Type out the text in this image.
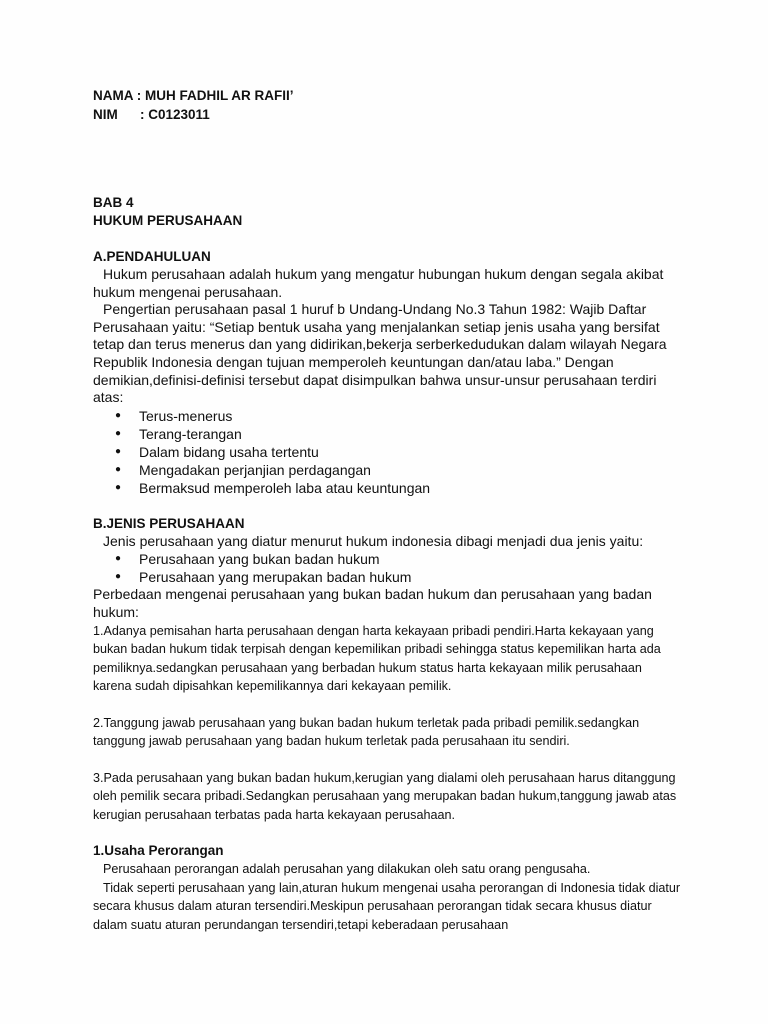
NAMA : MUH FADHIL AR RAFII’
NIM : C0123011
BAB 4
HUKUM PERUSAHAAN
A.PENDAHULUAN

Hukum perusahaan adalah hukum yang mengatur hubungan hukum dengan segala akibat hukum mengenai perusahaan.

Pengertian perusahaan pasal 1 huruf b Undang-Undang No.3 Tahun 1982: Wajib Daftar Perusahaan yaitu: “Setiap bentuk usaha yang menjalankan setiap jenis usaha yang bersifat tetap dan terus menerus dan yang didirikan,bekerja serberkedudukan dalam wilayah Negara Republik Indonesia dengan tujuan memperoleh keuntungan dan/atau laba.” Dengan demikian,definisi-definisi tersebut dapat disimpulkan bahwa unsur-unsur perusahaan terdiri atas:

● Terus-menerus
● Terang-terangan
● Dalam bidang usaha tertentu
● Mengadakan perjanjian perdagangan
● Bermaksud memperoleh laba atau keuntungan
B.JENIS PERUSAHAAN

Jenis perusahaan yang diatur menurut hukum indonesia dibagi menjadi dua jenis yaitu:

● Perusahaan yang bukan badan hukum
● Perusahaan yang merupakan badan hukum

Perbedaan mengenai perusahaan yang bukan badan hukum dan perusahaan yang badan hukum:

1.Adanya pemisahan harta perusahaan dengan harta kekayaan pribadi pendiri.Harta kekayaan yang bukan badan hukum tidak terpisah dengan kepemilikan pribadi sehingga status kepemilikan harta ada pemiliknya.sedangkan perusahaan yang berbadan hukum status harta kekayaan milik perusahaan karena sudah dipisahkan kepemilikannya dari kekayaan pemilik.

2.Tanggung jawab perusahaan yang bukan badan hukum terletak pada pribadi pemilik.sedangkan tanggung jawab perusahaan yang badan hukum terletak pada perusahaan itu sendiri.

3.Pada perusahaan yang bukan badan hukum,kerugian yang dialami oleh perusahaan harus ditanggung oleh pemilik secara pribadi.Sedangkan perusahaan yang merupakan badan hukum,tanggung jawab atas kerugian perusahaan terbatas pada harta kekayaan perusahaan.

1.Usaha Perorangan

Perusahaan perorangan adalah perusahan yang dilakukan oleh satu orang pengusaha.

Tidak seperti perusahaan yang lain,aturan hukum mengenai usaha perorangan di Indonesia tidak diatur secara khusus dalam aturan tersendiri.Meskipun perusahaan perorangan tidak secara khusus diatur dalam suatu aturan perundangan tersendiri,tetapi keberadaan perusahaan
